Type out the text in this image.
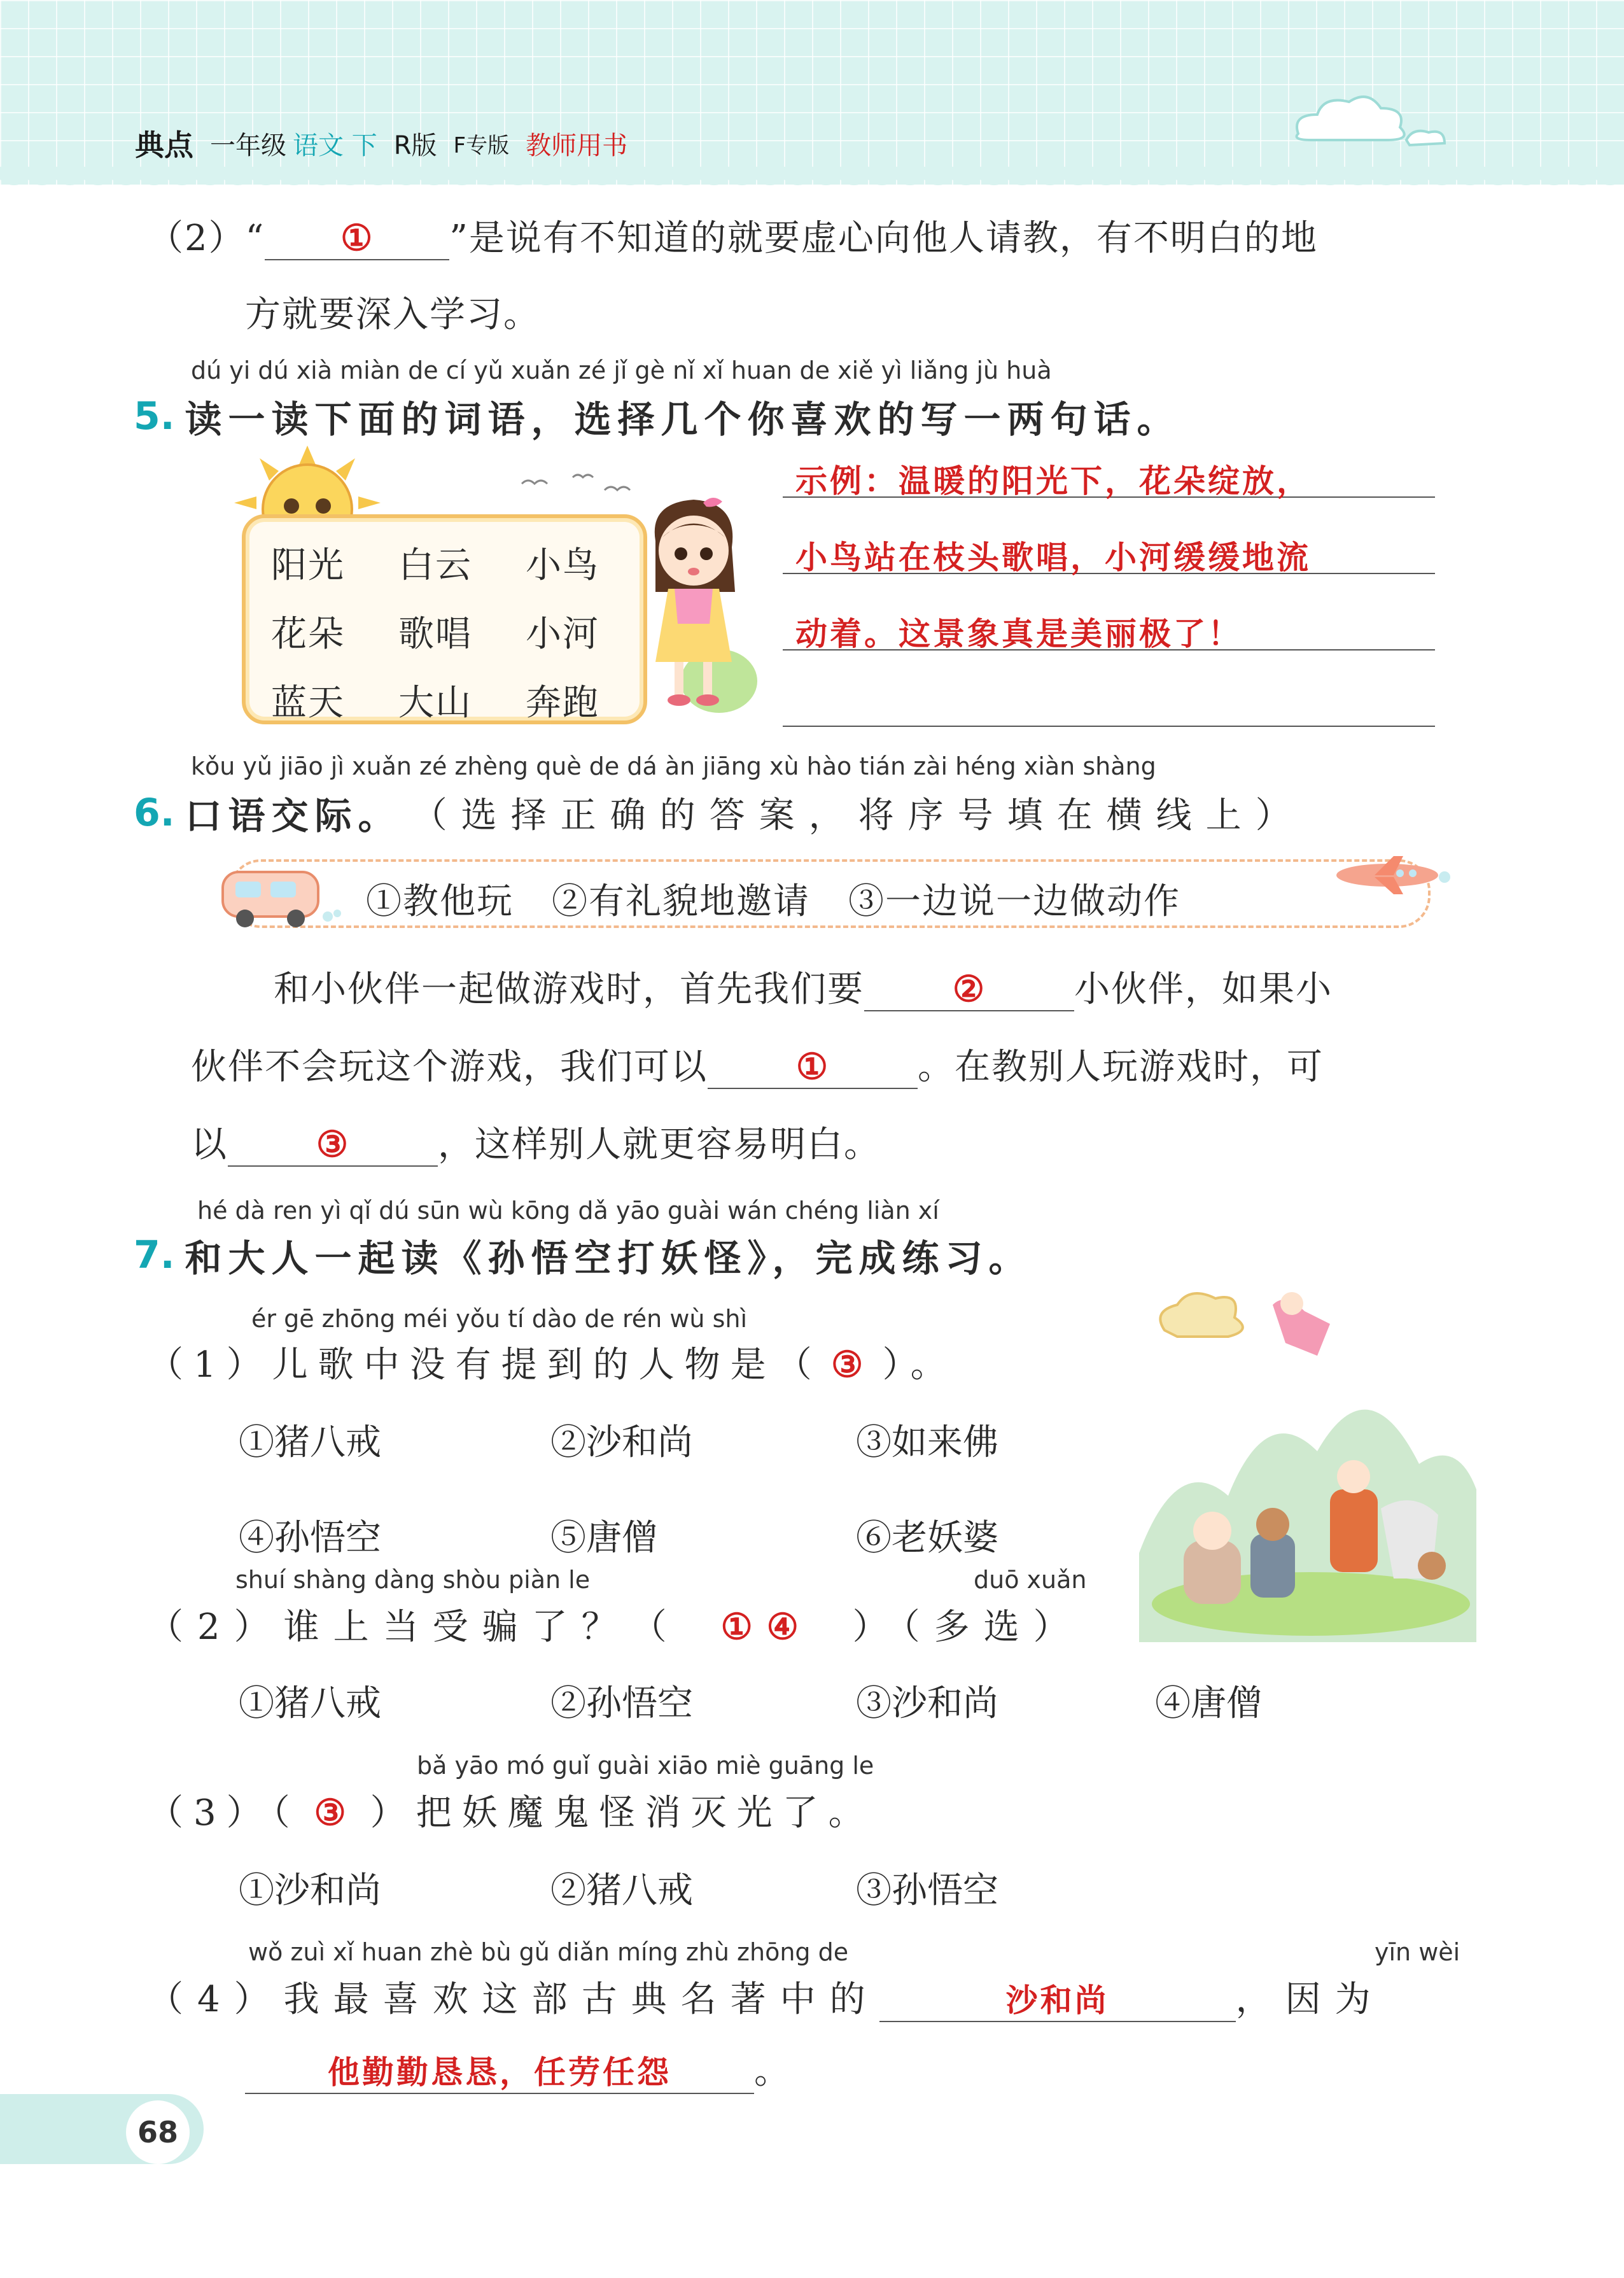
典点 一年级 语文 下 R版 F专版 教师用书
（2）“ ① ”是说有不知道的就要虚心向他人请教，有不明白的地
方就要深入学习。
dú yi dú xià miàn de cí yǔ xuǎn zé jǐ gè nǐ xǐ huan de xiě yì liǎng jù huà
5. 读一读下面的词语，选择几个你喜欢的写一两句话。
阳光	白云	小鸟
花朵	歌唱	小河
蓝天	大山	奔跑
示例：温暖的阳光下，花朵绽放，
小鸟站在枝头歌唱，小河缓缓地流
动着。这景象真是美丽极了！
kǒu yǔ jiāo jì xuǎn zé zhèng què de dá àn jiāng xù hào tián zài héng xiàn shàng
6. 口语交际。 （选择正确的答案，将序号填在横线上）
①教他玩 ②有礼貌地邀请 ③一边说一边做动作
和小伙伴一起做游戏时，首先我们要 ② 小伙伴，如果小
伙伴不会玩这个游戏，我们可以 ① 。在教别人玩游戏时，可
以 ③ ，这样别人就更容易明白。
hé dà ren yì qǐ dú sūn wù kōng dǎ yāo guài wán chéng liàn xí
7. 和大人一起读《孙悟空打妖怪》，完成练习。
ér gē zhōng méi yǒu tí dào de rén wù shì
（1）儿歌中没有提到的人物是（ ③ ）。
①猪八戒	②沙和尚	③如来佛
④孙悟空	⑤唐僧	⑥老妖婆
shuí shàng dàng shòu piàn le	duō xuǎn
（2）谁上当受骗了？（ ①④ ）（多选）
①猪八戒	②孙悟空	③沙和尚	④唐僧
bǎ yāo mó guǐ guài xiāo miè guāng le
（3）（ ③ ）把妖魔鬼怪消灭光了。
①沙和尚	②猪八戒	③孙悟空
wǒ zuì xǐ huan zhè bù gǔ diǎn míng zhù zhōng de	yīn wèi
（4）我最喜欢这部古典名著中的	沙和尚	，因为
他勤勤恳恳，任劳任怨 。
68
